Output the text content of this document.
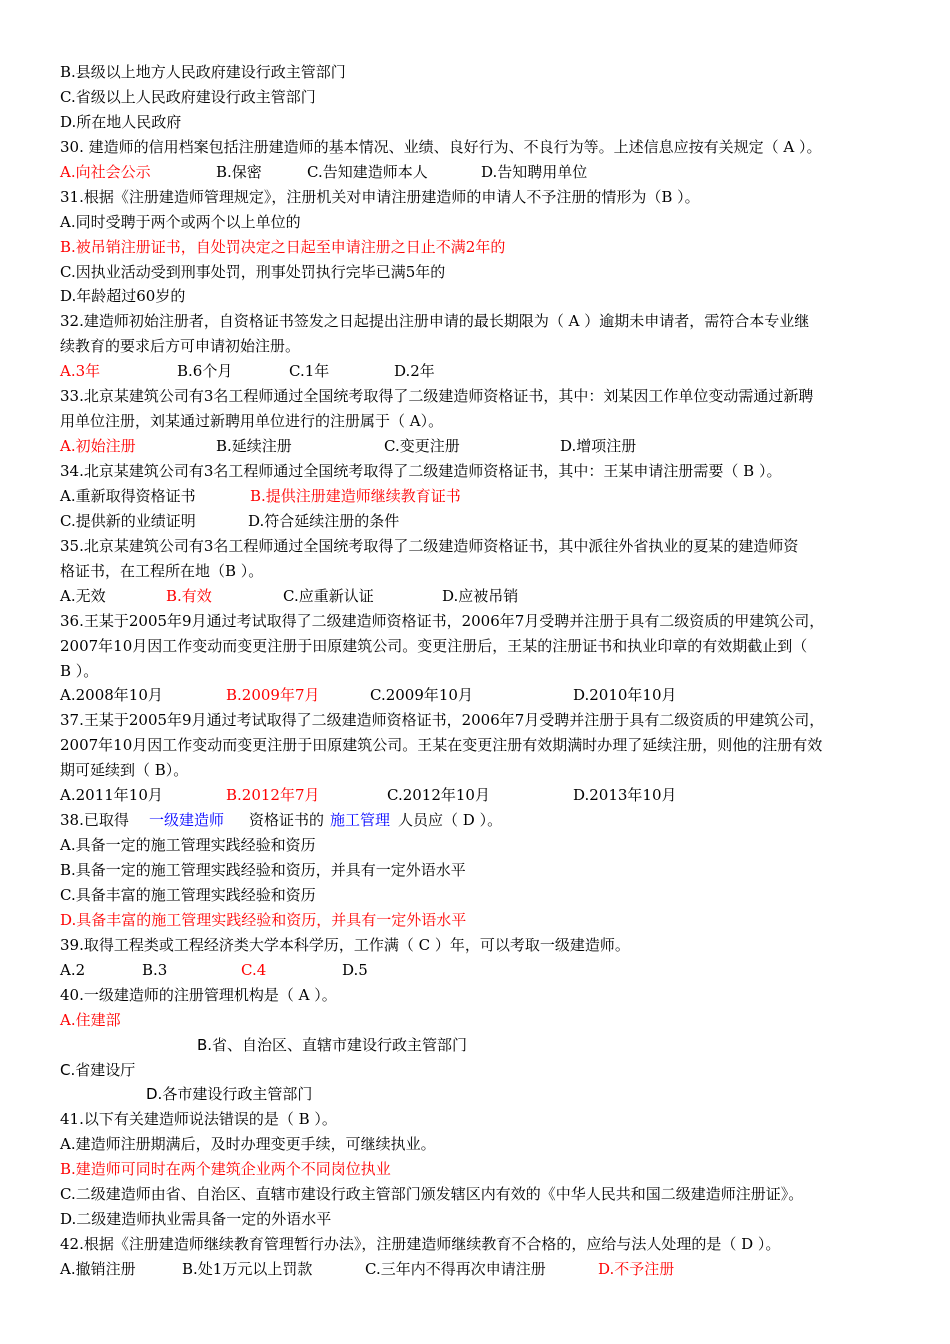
B.县级以上地方人民政府建设行政主管部门
C.省级以上人民政府建设行政主管部门
D.所在地人民政府
30. 建造师的信用档案包括注册建造师的基本情况、业绩、良好行为、不良行为等。上述信息应按有关规定（ A ）。
A.向社会公示	B.保密	C.告知建造师本人	D.告知聘用单位
31.根据《注册建造师管理规定》，注册机关对申请注册建造师的申请人不予注册的情形为（B ）。
A.同时受聘于两个或两个以上单位的
B.被吊销注册证书，自处罚决定之日起至申请注册之日止不满2年的
C.因执业活动受到刑事处罚，刑事处罚执行完毕已满5年的
D.年龄超过60岁的
32.建造师初始注册者，自资格证书签发之日起提出注册申请的最长期限为（ A ）逾期未申请者，需符合本专业继
续教育的要求后方可申请初始注册。
A.3年	B.6个月	C.1年	D.2年
33.北京某建筑公司有3名工程师通过全国统考取得了二级建造师资格证书，其中：刘某因工作单位变动需通过新聘
用单位注册，刘某通过新聘用单位进行的注册属于（ A）。
A.初始注册	B.延续注册	C.变更注册	D.增项注册
34.北京某建筑公司有3名工程师通过全国统考取得了二级建造师资格证书，其中：王某申请注册需要（ B ）。
A.重新取得资格证书	B.提供注册建造师继续教育证书
C.提供新的业绩证明	D.符合延续注册的条件
35.北京某建筑公司有3名工程师通过全国统考取得了二级建造师资格证书，其中派往外省执业的夏某的建造师资
格证书，在工程所在地（B ）。
A.无效	B.有效	C.应重新认证	D.应被吊销
36.王某于2005年9月通过考试取得了二级建造师资格证书，2006年7月受聘并注册于具有二级资质的甲建筑公司，
2007年10月因工作变动而变更注册于田原建筑公司。变更注册后，王某的注册证书和执业印章的有效期截止到（
B ）。
A.2008年10月	B.2009年7月	C.2009年10月	D.2010年10月
37.王某于2005年9月通过考试取得了二级建造师资格证书，2006年7月受聘并注册于具有二级资质的甲建筑公司，
2007年10月因工作变动而变更注册于田原建筑公司。王某在变更注册有效期满时办理了延续注册，则他的注册有效
期可延续到（ B）。
A.2011年10月	B.2012年7月	C.2012年10月	D.2013年10月
38.已取得 一级建造师 资格证书的 施工管理 人员应（ D ）。
A.具备一定的施工管理实践经验和资历
B.具备一定的施工管理实践经验和资历，并具有一定外语水平
C.具备丰富的施工管理实践经验和资历
D.具备丰富的施工管理实践经验和资历，并具有一定外语水平
39.取得工程类或工程经济类大学本科学历，工作满（ C ）年，可以考取一级建造师。
A.2	B.3	C.4	D.5
40.一级建造师的注册管理机构是（ A ）。
A.住建部
B.省、自治区、直辖市建设行政主管部门
C.省建设厅
D.各市建设行政主管部门
41.以下有关建造师说法错误的是（ B ）。
A.建造师注册期满后，及时办理变更手续，可继续执业。
B.建造师可同时在两个建筑企业两个不同岗位执业
C.二级建造师由省、自治区、直辖市建设行政主管部门颁发辖区内有效的《中华人民共和国二级建造师注册证》。
D.二级建造师执业需具备一定的外语水平
42.根据《注册建造师继续教育管理暂行办法》，注册建造师继续教育不合格的，应给与法人处理的是（ D ）。
A.撤销注册	B.处1万元以上罚款	C.三年内不得再次申请注册	D.不予注册
